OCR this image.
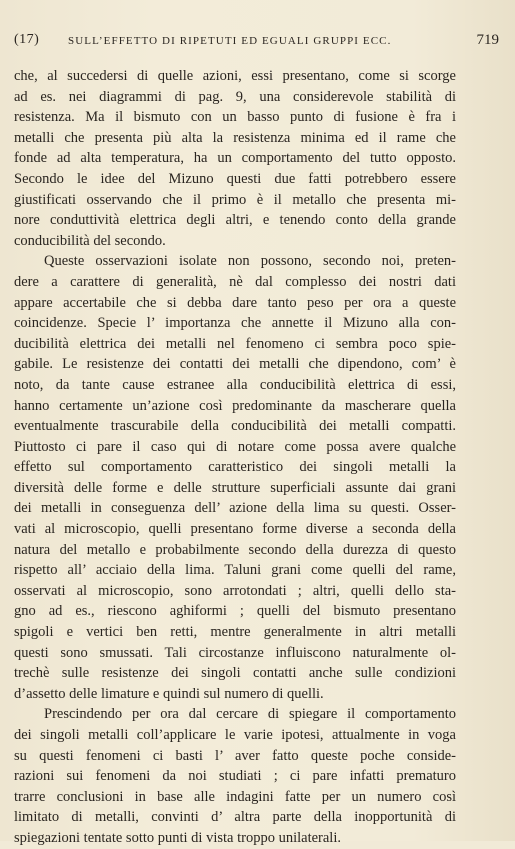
(17)	SULL’EFFETTO DI RIPETUTI ED EGUALI GRUPPI ECC.	719
che, al succedersi di quelle azioni, essi presentano, come si scorge
ad es. nei diagrammi di pag. 9, una considerevole stabilità di
resistenza. Ma il bismuto con un basso punto di fusione è fra i
metalli che presenta più alta la resistenza minima ed il rame che
fonde ad alta temperatura, ha un comportamento del tutto opposto.
Secondo le idee del Mizuno questi due fatti potrebbero essere
giustificati osservando che il primo è il metallo che presenta mi-
nore conduttività elettrica degli altri, e tenendo conto della grande
conducibilità del secondo.
Queste osservazioni isolate non possono, secondo noi, preten-
dere a carattere di generalità, nè dal complesso dei nostri dati
appare accertabile che si debba dare tanto peso per ora a queste
coincidenze. Specie l’ importanza che annette il Mizuno alla con-
ducibilità elettrica dei metalli nel fenomeno ci sembra poco spie-
gabile. Le resistenze dei contatti dei metalli che dipendono, com’ è
noto, da tante cause estranee alla conducibilità elettrica di essi,
hanno certamente un’azione così predominante da mascherare quella
eventualmente trascurabile della conducibilità dei metalli compatti.
Piuttosto ci pare il caso qui di notare come possa avere qualche
effetto sul comportamento caratteristico dei singoli metalli la
diversità delle forme e delle strutture superficiali assunte dai grani
dei metalli in conseguenza dell’ azione della lima su questi. Osser-
vati al microscopio, quelli presentano forme diverse a seconda della
natura del metallo e probabilmente secondo della durezza di questo
rispetto all’ acciaio della lima. Taluni grani come quelli del rame,
osservati al microscopio, sono arrotondati ; altri, quelli dello sta-
gno ad es., riescono aghiformi ; quelli del bismuto presentano
spigoli e vertici ben retti, mentre generalmente in altri metalli
questi sono smussati. Tali circostanze influiscono naturalmente ol-
trechè sulle resistenze dei singoli contatti anche sulle condizioni
d’assetto delle limature e quindi sul numero di quelli.
Prescindendo per ora dal cercare di spiegare il comportamento
dei singoli metalli coll’applicare le varie ipotesi, attualmente in voga
su questi fenomeni ci basti l’ aver fatto queste poche conside-
razioni sui fenomeni da noi studiati ; ci pare infatti prematuro
trarre conclusioni in base alle indagini fatte per un numero così
limitato di metalli, convinti d’ altra parte della inopportunità di
spiegazioni tentate sotto punti di vista troppo unilaterali.
